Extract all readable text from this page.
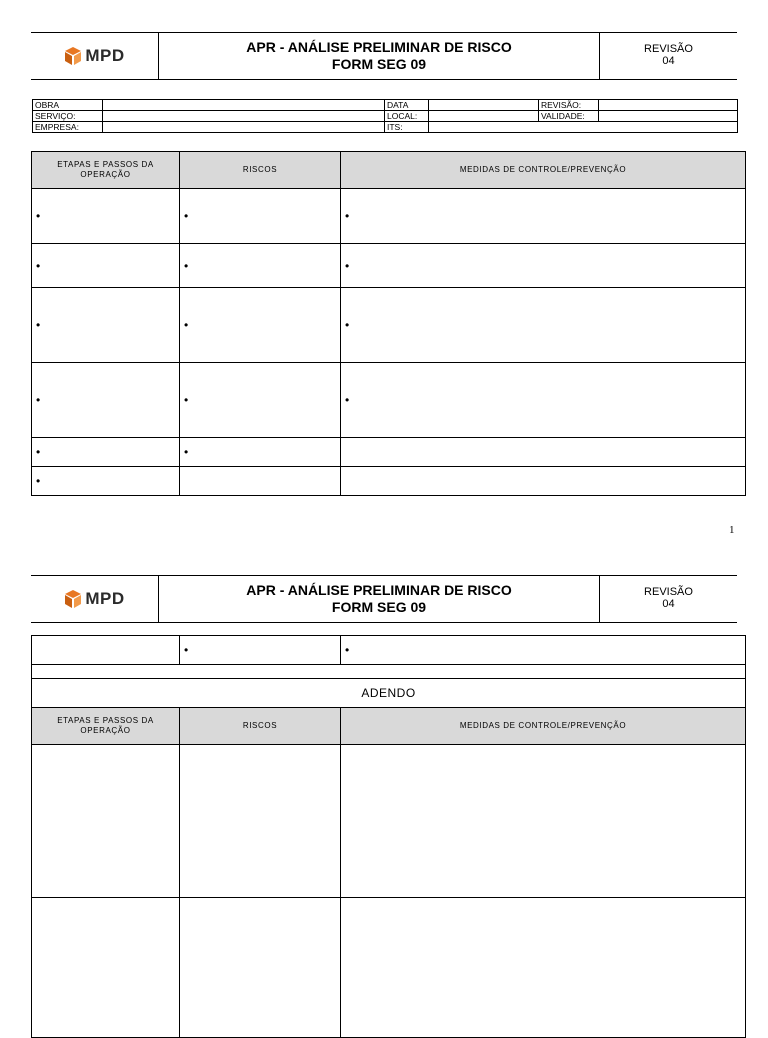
MPD	APR - ANÁLISE PRELIMINAR DE RISCO
FORM SEG 09
REVISÃO
04
OBRA		DATA		REVISÃO:	
SERVIÇO:		LOCAL:		VALIDADE:	
EMPRESA:		ITS:			
ETAPAS E PASSOS DA OPERAÇÃO	RISCOS	MEDIDAS DE CONTROLE/PREVENÇÃO
•	•	•
•	•	•
•	•	•
•	•	•
•	•	
•		
1
MPD	APR - ANÁLISE PRELIMINAR DE RISCO
FORM SEG 09
REVISÃO
04
	•	•

ADENDO		
ETAPAS E PASSOS DA OPERAÇÃO	RISCOS	MEDIDAS DE CONTROLE/PREVENÇÃO
